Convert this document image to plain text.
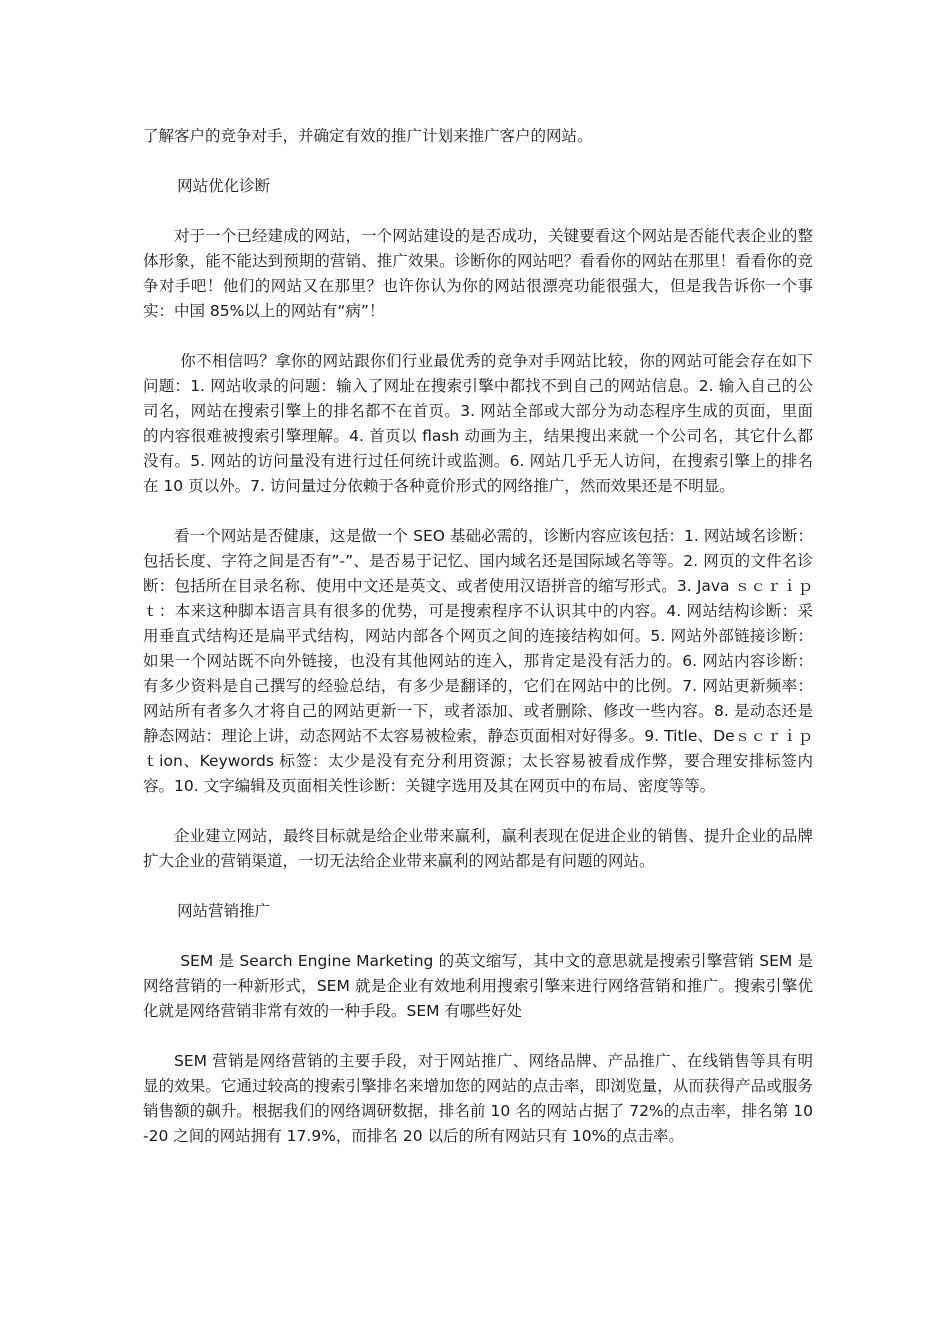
了解客户的竞争对手，并确定有效的推广计划来推广客户的网站。

网站优化诊断

对于一个已经建成的网站，一个网站建设的是否成功，关键要看这个网站是否能代表企业的整体形象，能不能达到预期的营销、推广效果。诊断你的网站吧？看看你的网站在那里！看看你的竞争对手吧！他们的网站又在那里？也许你认为你的网站很漂亮功能很强大，但是我告诉你一个事实：中国 85%以上的网站有“病”！

你不相信吗？拿你的网站跟你们行业最优秀的竞争对手网站比较，你的网站可能会存在如下问题：1. 网站收录的问题：输入了网址在搜索引擎中都找不到自己的网站信息。2. 输入自己的公司名，网站在搜索引擎上的排名都不在首页。3. 网站全部或大部分为动态程序生成的页面，里面的内容很难被搜索引擎理解。4. 首页以 flash 动画为主，结果搜出来就一个公司名，其它什么都没有。5. 网站的访问量没有进行过任何统计或监测。6. 网站几乎无人访问，在搜索引擎上的排名在 10 页以外。7. 访问量过分依赖于各种竟价形式的网络推广，然而效果还是不明显。

看一个网站是否健康，这是做一个 SEO 基础必需的，诊断内容应该包括：1. 网站域名诊断：包括长度、字符之间是否有”-”、是否易于记忆、国内域名还是国际域名等等。2. 网页的文件名诊断：包括所在目录名称、使用中文还是英文、或者使用汉语拼音的缩写形式。3. Java ｓｃｒｉｐｔ：本来这种脚本语言具有很多的优势，可是搜索程序不认识其中的内容。4. 网站结构诊断：采用垂直式结构还是扁平式结构，网站内部各个网页之间的连接结构如何。5. 网站外部链接诊断：如果一个网站既不向外链接，也没有其他网站的连入，那肯定是没有活力的。6. 网站内容诊断：有多少资料是自己撰写的经验总结，有多少是翻译的，它们在网站中的比例。7. 网站更新频率：网站所有者多久才将自己的网站更新一下，或者添加、或者删除、修改一些内容。8. 是动态还是静态网站：理论上讲，动态网站不太容易被检索，静态页面相对好得多。9. Title、Deｓｃｒｉｐｔion、Keywords 标签：太少是没有充分利用资源；太长容易被看成作弊，要合理安排标签内容。10. 文字编辑及页面相关性诊断：关键字选用及其在网页中的布局、密度等等。

企业建立网站，最终目标就是给企业带来赢利，赢利表现在促进企业的销售、提升企业的品牌扩大企业的营销渠道，一切无法给企业带来赢利的网站都是有问题的网站。

网站营销推广

SEM 是 Search Engine Marketing 的英文缩写，其中文的意思就是搜索引擎营销 SEM 是网络营销的一种新形式，SEM 就是企业有效地利用搜索引擎来进行网络营销和推广。搜索引擎优化就是网络营销非常有效的一种手段。SEM 有哪些好处

SEM 营销是网络营销的主要手段，对于网站推广、网络品牌、产品推广、在线销售等具有明显的效果。它通过较高的搜索引擎排名来增加您的网站的点击率，即浏览量，从而获得产品或服务销售额的飙升。根据我们的网络调研数据，排名前 10 名的网站占据了 72%的点击率，排名第 10-20 之间的网站拥有 17.9%，而排名 20 以后的所有网站只有 10%的点击率。
